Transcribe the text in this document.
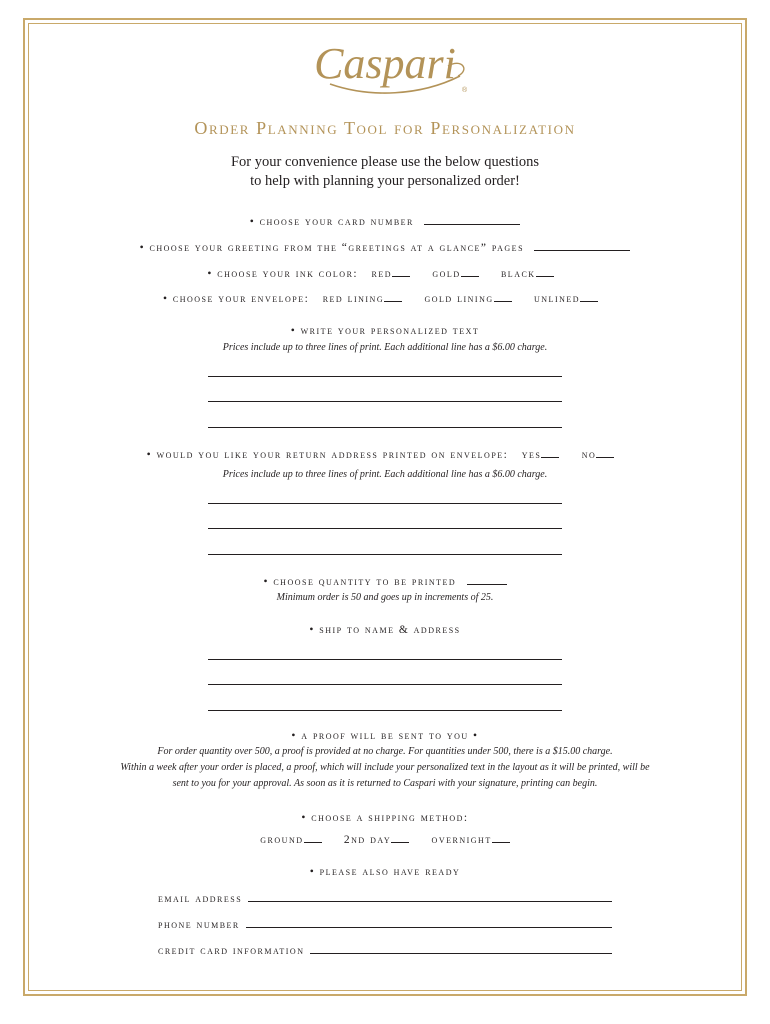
Caspari
®
Order Planning Tool for Personalization
For your convenience please use the below questions
to help with planning your personalized order!
• choose your card number
• choose your greeting from the “greetings at a glance” pages
• choose your ink color: red	gold	black
• choose your envelope: red lining	gold lining	unlined
• write your personalized text
Prices include up to three lines of print. Each additional line has a $6.00 charge.
• would you like your return address printed on envelope: yes	no
Prices include up to three lines of print. Each additional line has a $6.00 charge.
• choose quantity to be printed
Minimum order is 50 and goes up in increments of 25.
• ship to name & address
• a proof will be sent to you •
For order quantity over 500, a proof is provided at no charge. For quantities under 500, there is a $15.00 charge.
Within a week after your order is placed, a proof, which will include your personalized text in the layout as it will be printed, will be
sent to you for your approval. As soon as it is returned to Caspari with your signature, printing can begin.
• choose a shipping method:
ground	2nd day	overnight
• please also have ready
email address
phone number
credit card information
